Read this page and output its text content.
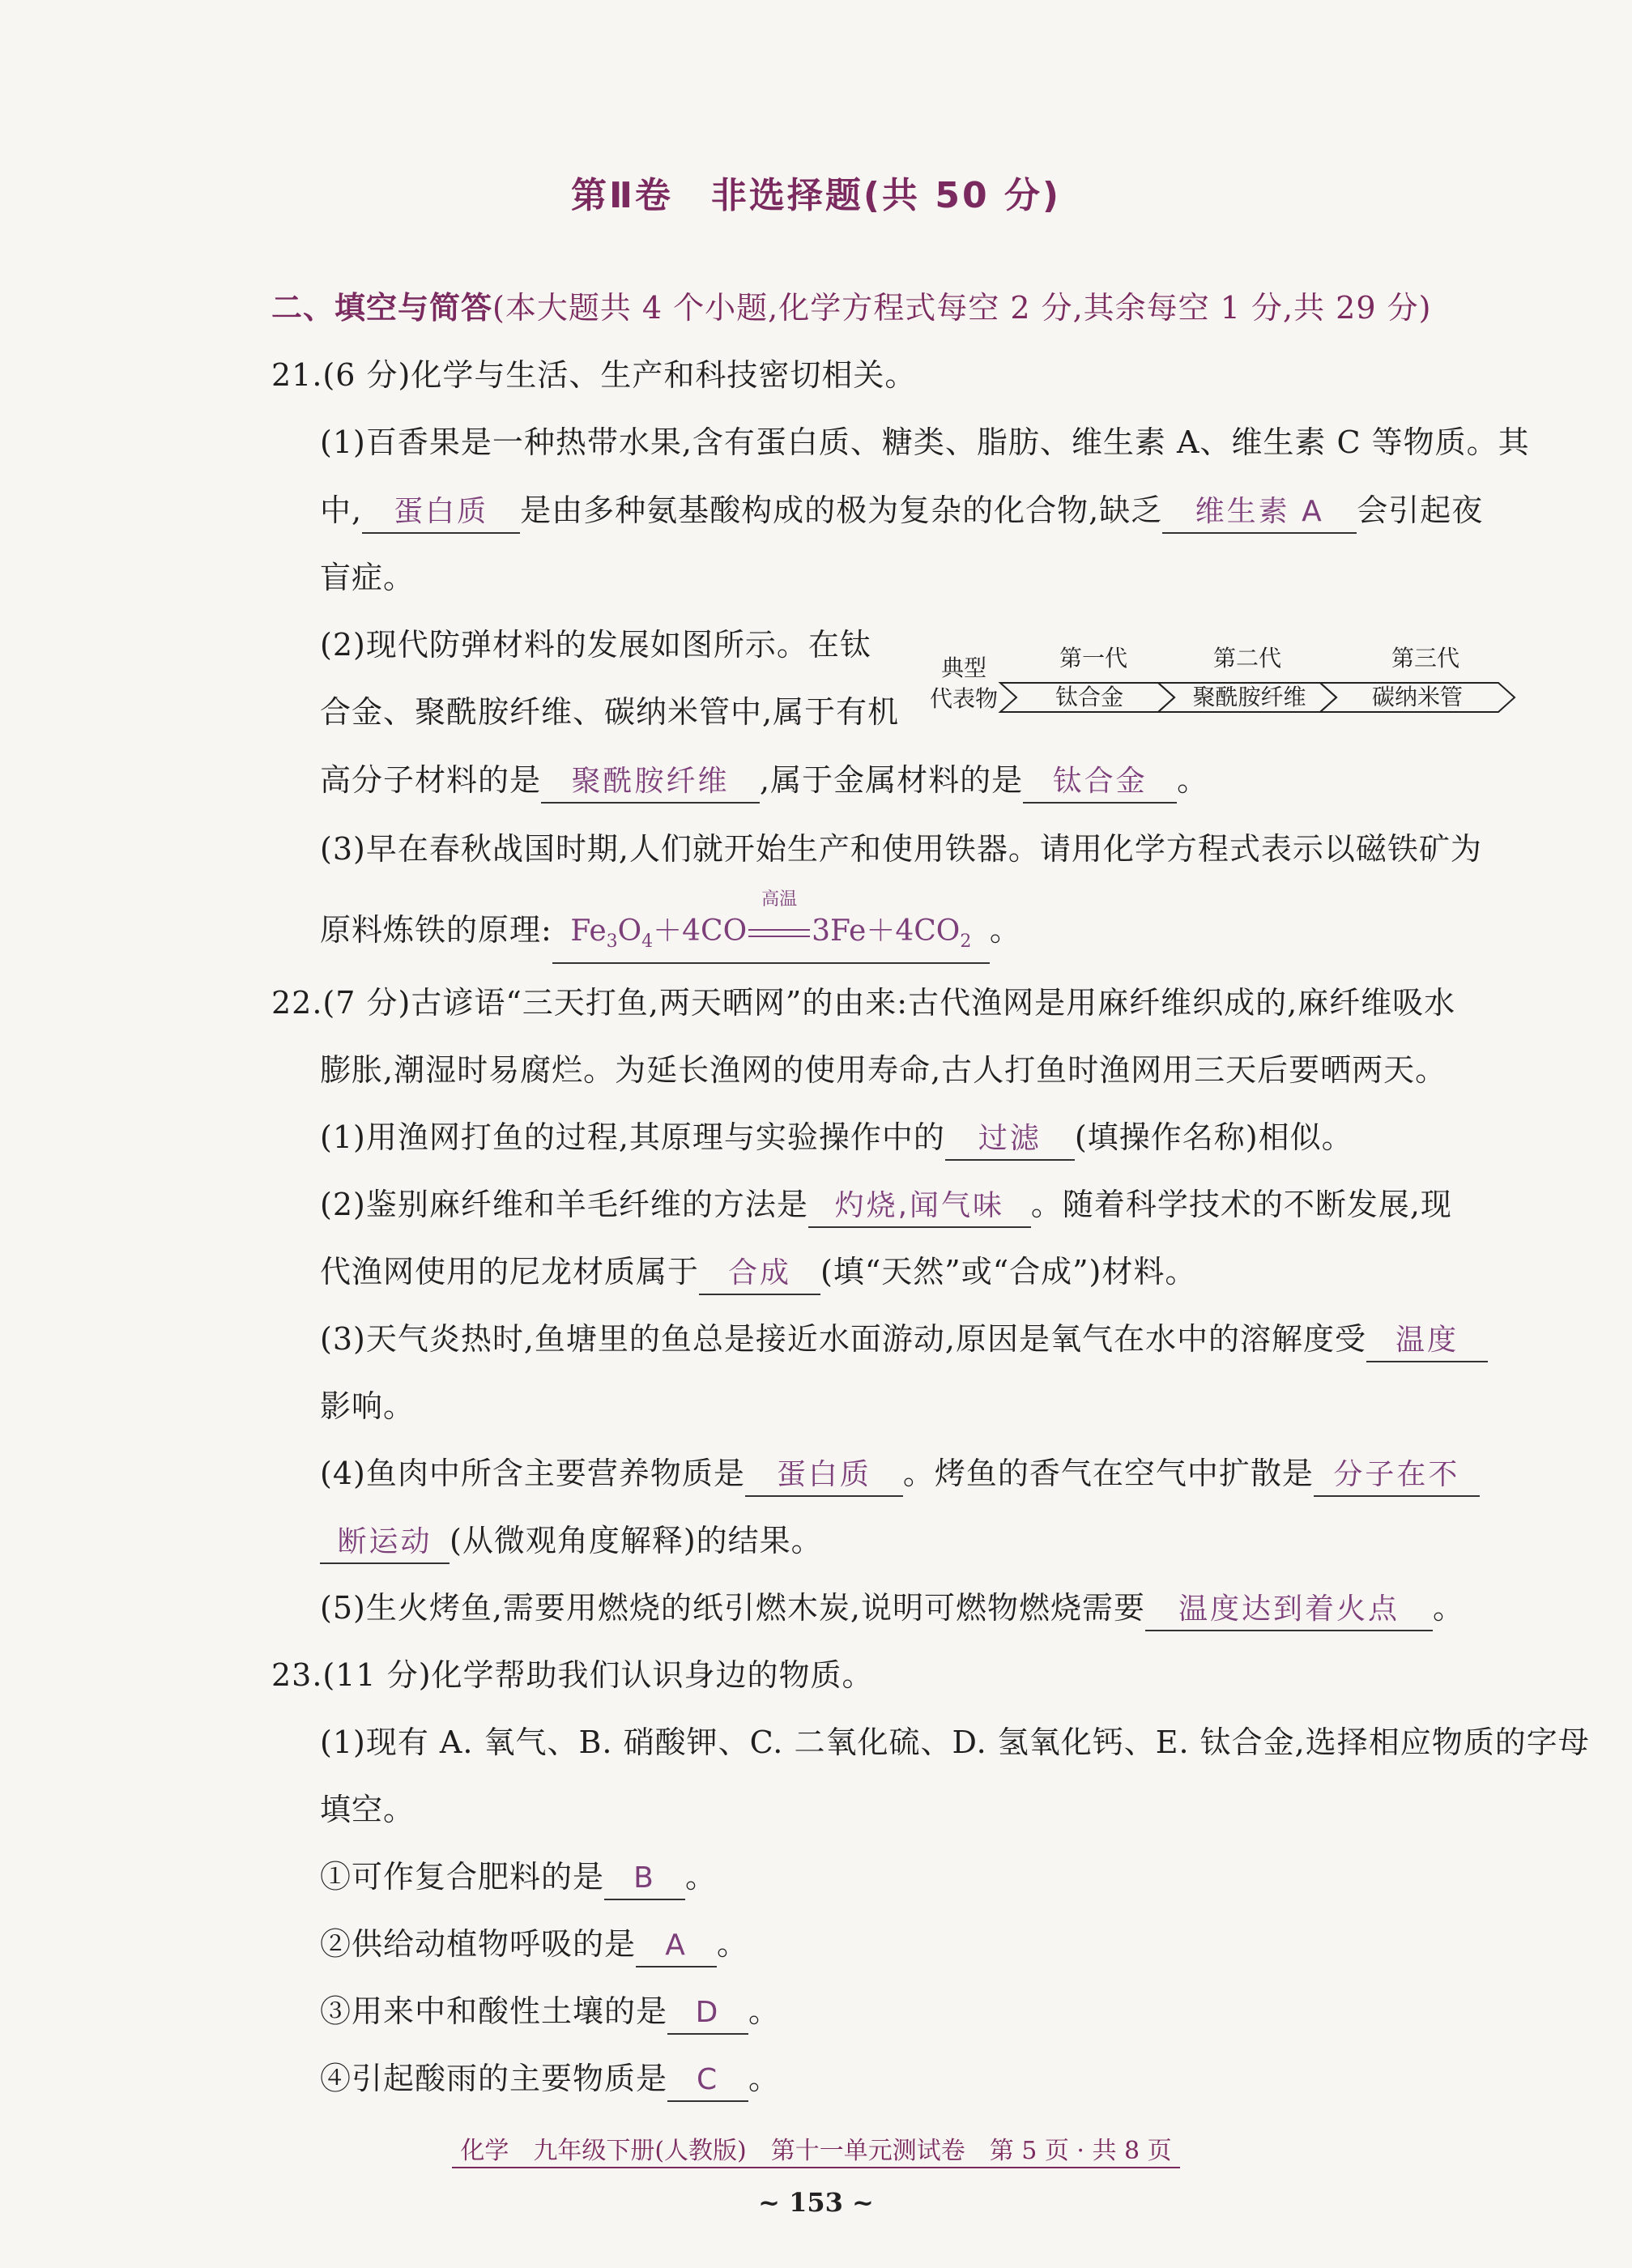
第Ⅱ卷　非选择题(共 50 分)
二、填空与简答(本大题共 4 个小题,化学方程式每空 2 分,其余每空 1 分,共 29 分)
21.(6 分)化学与生活、生产和科技密切相关。
(1)百香果是一种热带水果,含有蛋白质、糖类、脂肪、维生素 A、维生素 C 等物质。其
中, 蛋白质 是由多种氨基酸构成的极为复杂的化合物,缺乏 维生素 A 会引起夜
盲症。
(2)现代防弹材料的发展如图所示。在钛
合金、聚酰胺纤维、碳纳米管中,属于有机
典型
代表物
第一代	第二代	第三代
钛合金	聚酰胺纤维	碳纳米管
高分子材料的是 聚酰胺纤维 ,属于金属材料的是 钛合金 。
(3)早在春秋战国时期,人们就开始生产和使用铁器。请用化学方程式表示以磁铁矿为
原料炼铁的原理: $Fe_3O_4+4CO$
高温
$3Fe+4CO_2$ 。
22.(7 分)古谚语“三天打鱼,两天晒网”的由来:古代渔网是用麻纤维织成的,麻纤维吸水
膨胀,潮湿时易腐烂。为延长渔网的使用寿命,古人打鱼时渔网用三天后要晒两天。
(1)用渔网打鱼的过程,其原理与实验操作中的 过滤 (填操作名称)相似。
(2)鉴别麻纤维和羊毛纤维的方法是 灼烧,闻气味 。随着科学技术的不断发展,现
代渔网使用的尼龙材质属于 合成 (填“天然”或“合成”)材料。
(3)天气炎热时,鱼塘里的鱼总是接近水面游动,原因是氧气在水中的溶解度受 温度
影响。
(4)鱼肉中所含主要营养物质是 蛋白质 。烤鱼的香气在空气中扩散是 分子在不
断运动 (从微观角度解释)的结果。
(5)生火烤鱼,需要用燃烧的纸引燃木炭,说明可燃物燃烧需要 温度达到着火点 。
23.(11 分)化学帮助我们认识身边的物质。
(1)现有 A. 氧气、B. 硝酸钾、C. 二氧化硫、D. 氢氧化钙、E. 钛合金,选择相应物质的字母
填空。
①可作复合肥料的是 B 。
②供给动植物呼吸的是 A 。
③用来中和酸性土壤的是 D 。
④引起酸雨的主要物质是 C 。
化学　九年级下册(人教版)　第十一单元测试卷　第 5 页 · 共 8 页
~ 153 ~
